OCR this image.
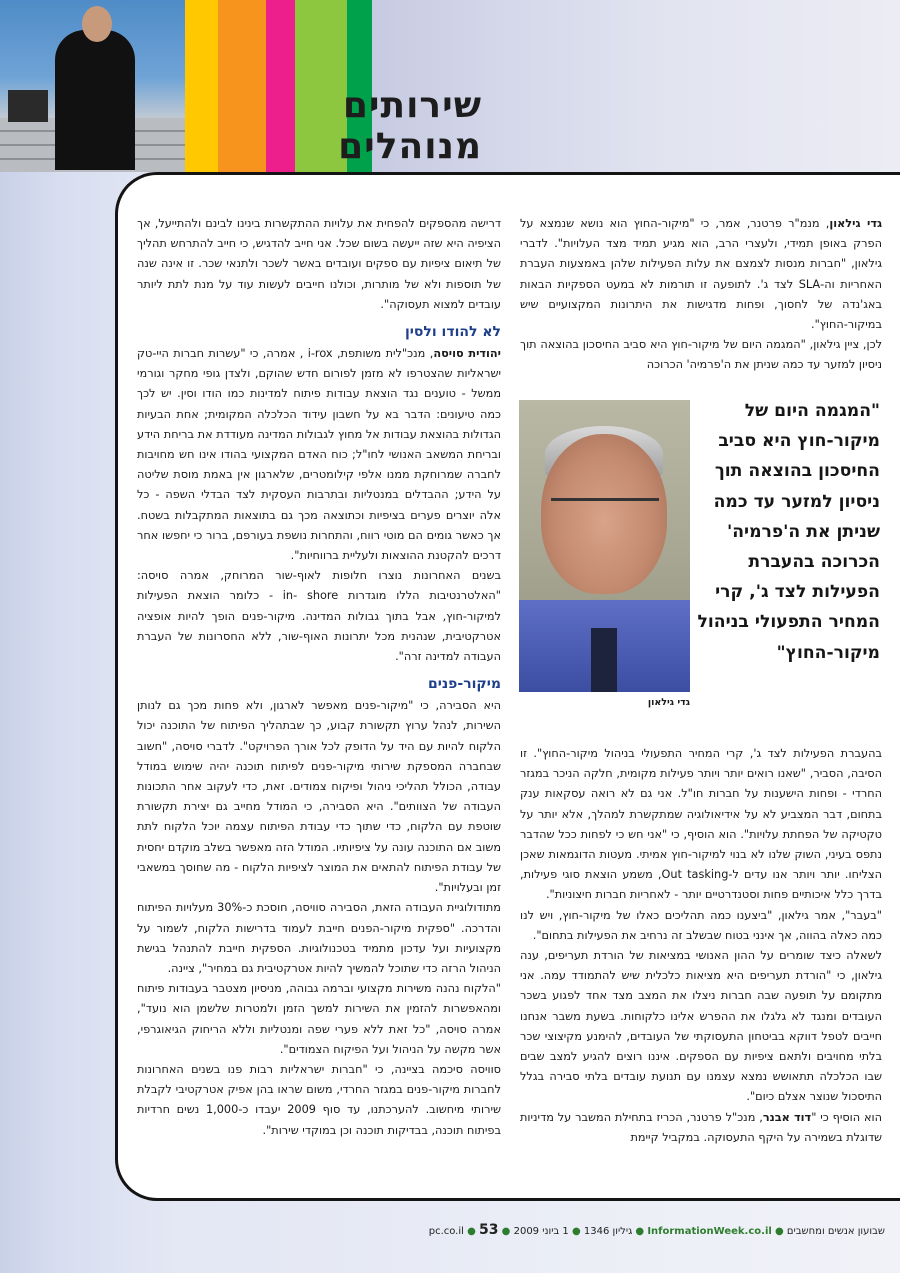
שירותים מנוהלים

גדי גילאון, מנמ"ר פרטנר, אמר, כי "מיקור-החוץ הוא נושא שנמצא על הפרק באופן תמידי, ולעצרי הרב, הוא מגיע תמיד מצד העלויות". לדברי גילאון, "חברות מנסות לצמצם את עלות הפעילות שלהן באמצעות העברת האחריות וה-SLA לצד ג'. לתופעה זו תורמות לא במעט הספקיות הבאות באג'נדה של לחסוך, ופחות מדגישות את היתרונות המקצועיים שיש במיקור-החוץ".

לכן, ציין גילאון, "המגמה היום של מיקור-חוץ היא סביב החיסכון בהוצאה תוך ניסיון למזער עד כמה שניתן את ה'פרמיה' הכרוכה

"המגמה היום של מיקור-חוץ היא סביב החיסכון בהוצאה תוך ניסיון למזער עד כמה שניתן את ה'פרמיה' הכרוכה בהעברת הפעילות לצד ג', קרי המחיר התפעולי בניהול מיקור-החוץ"
גדי גילאון

בהעברת הפעילות לצד ג', קרי המחיר התפעולי בניהול מיקור-החוץ". זו הסיבה, הסביר, "שאנו רואים יותר ויותר פעילות מקומית, חלקה הניכר במגזר החרדי - ופחות הישענות על חברות חו"ל. אני גם לא רואה עסקאות ענק בתחום, דבר המצביע לא על אידיאולוגיה שמתקשרת למהלך, אלא יותר על טקטיקה של הפחתת עלויות". הוא הוסיף, כי "אני חש כי לפחות ככל שהדבר נתפס בעיני, השוק שלנו לא בנוי למיקור-חוץ אמיתי. מעטות הדוגמאות שאכן הצליחו. יותר ויותר אנו עדים ל-Out tasking, משמע הוצאת סוגי פעילות, בדרך כלל איכותיים פחות וסטנדרטיים יותר - לאחריות חברות חיצוניות".

"בעבר", אמר גילאון, "ביצענו כמה תהליכים כאלו של מיקור-חוץ, ויש לנו כמה כאלה בהווה, אך אינני בטוח שבשלב זה נרחיב את הפעילות בתחום".

לשאלה כיצד שומרים על ההון האנושי במציאות של הורדת תעריפים, ענה גילאון, כי "הורדת תעריפים היא מציאות כלכלית שיש להתמודד עמה. אני מתקומם על תופעה שבה חברות ניצלו את המצב מצד אחד לפגוע בשכר העובדים ומנגד לא גלגלו את ההפרש אלינו כלקוחות. בשעת משבר אנחנו חייבים לטפל דווקא בביטחון התעסוקתי של העובדים, להימנע מקיצוצי שכר בלתי מחויבים ולתאם ציפיות עם הספקים. איננו רוצים להגיע למצב שבים שבו הכלכלה תתאושש נמצא עצמנו עם תנועת עובדים בלתי סבירה בגלל התיסכול שנוצר אצלם כיום".

הוא הוסיף כי "דוד אבנר, מנכ"ל פרטנר, הכריז בתחילת המשבר על מדיניות שדוגלת בשמירה על היקף התעסוקה. במקביל קיימת

דרישה מהספקים להפחית את עלויות ההתקשרות בינינו לבינם ולהתייעל, אך הציפיה היא שזה ייעשה בשום שכל. אני חייב להדגיש, כי חייב להתרחש תהליך של תיאום ציפיות עם ספקים ועובדים באשר לשכר ולתנאי שכר. זו אינה שנה של תוספות ולא של מותרות, וכולנו חייבים לעשות עוד על מנת לתת ליותר עובדים למצוא תעסוקה".

לא להודו ולסין

יהודית סויסה, מנכ"לית משותפת, i-rox , אמרה, כי "עשרות חברות היי-טק ישראליות שהצטרפו לא מזמן לפורום חדש שהוקם, ולצדן גופי מחקר וגורמי ממשל - טוענים נגד הוצאת עבודות פיתוח למדינות כמו הודו וסין. יש לכך כמה טיעונים: הדבר בא על חשבון עידוד הכלכלה המקומית; אחת הבעיות הגדולות בהוצאת עבודות אל מחוץ לגבולות המדינה מעודדת את בריחת הידע ובריחת המשאב האנושי לחו"ל; כוח האדם המקצועי בהודו אינו חש מחויבות לחברה שמרוחקת ממנו אלפי קילומטרים, שלארגון אין באמת מוסת שליטה על הידע; ההבדלים במנטליות ובתרבות העסקית לצד הבדלי השפה - כל אלה יוצרים פערים בציפיות וכתוצאה מכך גם בתוצאות המתקבלות בשטח. אך כאשר גומים הם מוטי רווח, והתחרות נושפת בעורפם, ברור כי יחפשו אחר דרכים להקטנת ההוצאות ולעליית ברווחיות".

בשנים האחרונות נוצרו חלופות לאוף-שור המרוחק, אמרה סויסה: "האלטרנטיבות הללו מוגדרות in- shore - כלומר הוצאת הפעילות למיקור-חוץ, אבל בתוך גבולות המדינה. מיקור-פנים הופך להיות אופציה אטרקטיבית, שנהנית מכל יתרונות האוף-שור, ללא החסרונות של העברת העבודה למדינה זרה".

מיקור-פנים

היא הסבירה, כי "מיקור-פנים מאפשר לארגון, ולא פחות מכך גם לנותן השירות, לנהל ערוץ תקשורת קבוע, כך שבתהליך הפיתוח של התוכנה יכול הלקוח להיות עם היד על הדופק לכל אורך הפרויקט". לדברי סויסה, "חשוב שבחברה המספקת שירותי מיקור-פנים לפיתוח תוכנה יהיה שימוש במודל עבודה, הכולל תהליכי ניהול ופיקוח צמודים. זאת, כדי לעקוב אחר התכונות העבודה של הצוותים". היא הסבירה, כי המודל מחייב גם יצירת תקשורת שוטפת עם הלקוח, כדי שתוך כדי עבודת הפיתוח עצמה יוכל הלקוח לתת משוב אם התוכנה עונה על ציפיותיו. המודל הזה מאפשר בשלב מוקדם יחסית של עבודת הפיתוח להתאים את המוצר לציפיות הלקוח - מה שחוסך במשאבי זמן ובעלויות".

מתודולוגיית העבודה הזאת, הסבירה סוויסה, חוסכת כ-30% מעלויות הפיתוח והדרכה. "ספקית מיקור-הפנים חייבת לעמוד בדרישות הלקוח, לשמור על מקצועיות ועל עדכון מתמיד בטכנולוגיות. הספקית חייבת להתנהל בגישת הניהול הרזה כדי שתוכל להמשיך להיות אטרקטיבית גם במחיר", ציינה.

"הלקוח נהנה משירות מקצועי וברמה גבוהה, מניסיון מצטבר בעבודות פיתוח ומהאפשרות להזמין את השירות למשך הזמן ולמטרות שלשמן הוא נועד", אמרה סויסה, "כל זאת ללא פערי שפה ומנטליות וללא הריחוק הגיאוגרפי, אשר מקשה על הניהול ועל הפיקוח הצמודים".

סוויסה סיכמה בציינה, כי "חברות ישראליות רבות פנו בשנים האחרונות לחברות מיקור-פנים במגזר החרדי, משום שראו בהן אפיק אטרקטיבי לקבלת שירותי מיחשוב. להערכתנו, עד סוף 2009 יעבדו כ-1,000 נשים חרדיות בפיתוח תוכנה, בבדיקות תוכנה וכן במוקדי שירות".

שבועון אנשים ומחשבים ● InformationWeek.co.il ● גיליון 1346 ● 1 ביוני 2009 ● pc.co.il ● 53
